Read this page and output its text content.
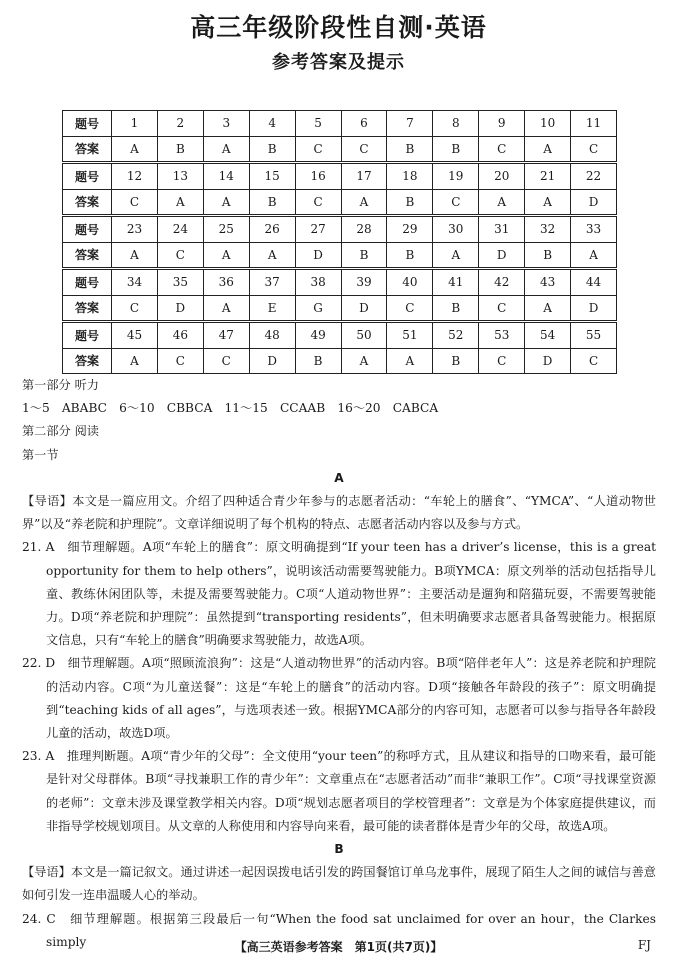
高三年级阶段性自测·英语
参考答案及提示
题号	1	2	3	4	5	6	7	8	9	10	11
答案	A	B	A	B	C	C	B	B	C	A	C
题号	12	13	14	15	16	17	18	19	20	21	22
答案	C	A	A	B	C	A	B	C	A	A	D
题号	23	24	25	26	27	28	29	30	31	32	33
答案	A	C	A	A	D	B	B	A	D	B	A
题号	34	35	36	37	38	39	40	41	42	43	44
答案	C	D	A	E	G	D	C	B	C	A	D
题号	45	46	47	48	49	50	51	52	53	54	55
答案	A	C	C	D	B	A	A	B	C	D	C

第一部分 听力

1～5　ABABC　6～10　CBBCA　11～15　CCAAB　16～20　CABCA

第二部分 阅读

第一节

A

【导语】本文是一篇应用文。介绍了四种适合青少年参与的志愿者活动：“车轮上的膳食”、“YMCA”、“人道动物世界”以及“养老院和护理院”。文章详细说明了每个机构的特点、志愿者活动内容以及参与方式。

21. A　细节理解题。A项“车轮上的膳食”：原文明确提到“If your teen has a driver’s license，this is a great opportunity for them to help others”，说明该活动需要驾驶能力。B项YMCA：原文列举的活动包括指导儿童、教练休闲团队等，未提及需要驾驶能力。C项“人道动物世界”：主要活动是遛狗和陪猫玩耍，不需要驾驶能力。D项“养老院和护理院”：虽然提到“transporting residents”，但未明确要求志愿者具备驾驶能力。根据原文信息，只有“车轮上的膳食”明确要求驾驶能力，故选A项。

22. D　细节理解题。A项“照顾流浪狗”：这是“人道动物世界”的活动内容。B项“陪伴老年人”：这是养老院和护理院的活动内容。C项“为儿童送餐”：这是“车轮上的膳食”的活动内容。D项“接触各年龄段的孩子”：原文明确提到“teaching kids of all ages”，与选项表述一致。根据YMCA部分的内容可知，志愿者可以参与指导各年龄段儿童的活动，故选D项。

23. A　推理判断题。A项“青少年的父母”：全文使用“your teen”的称呼方式，且从建议和指导的口吻来看，最可能是针对父母群体。B项“寻找兼职工作的青少年”：文章重点在“志愿者活动”而非“兼职工作”。C项“寻找课堂资源的老师”：文章未涉及课堂教学相关内容。D项“规划志愿者项目的学校管理者”：文章是为个体家庭提供建议，而非指导学校规划项目。从文章的人称使用和内容导向来看，最可能的读者群体是青少年的父母，故选A项。

B

【导语】本文是一篇记叙文。通过讲述一起因误拨电话引发的跨国餐馆订单乌龙事件，展现了陌生人之间的诚信与善意如何引发一连串温暖人心的举动。

24. C　细节理解题。根据第三段最后一句“When the food sat unclaimed for over an hour，the Clarkes simply	【高三英语参考答案　第1页(共7页)】	FJ
